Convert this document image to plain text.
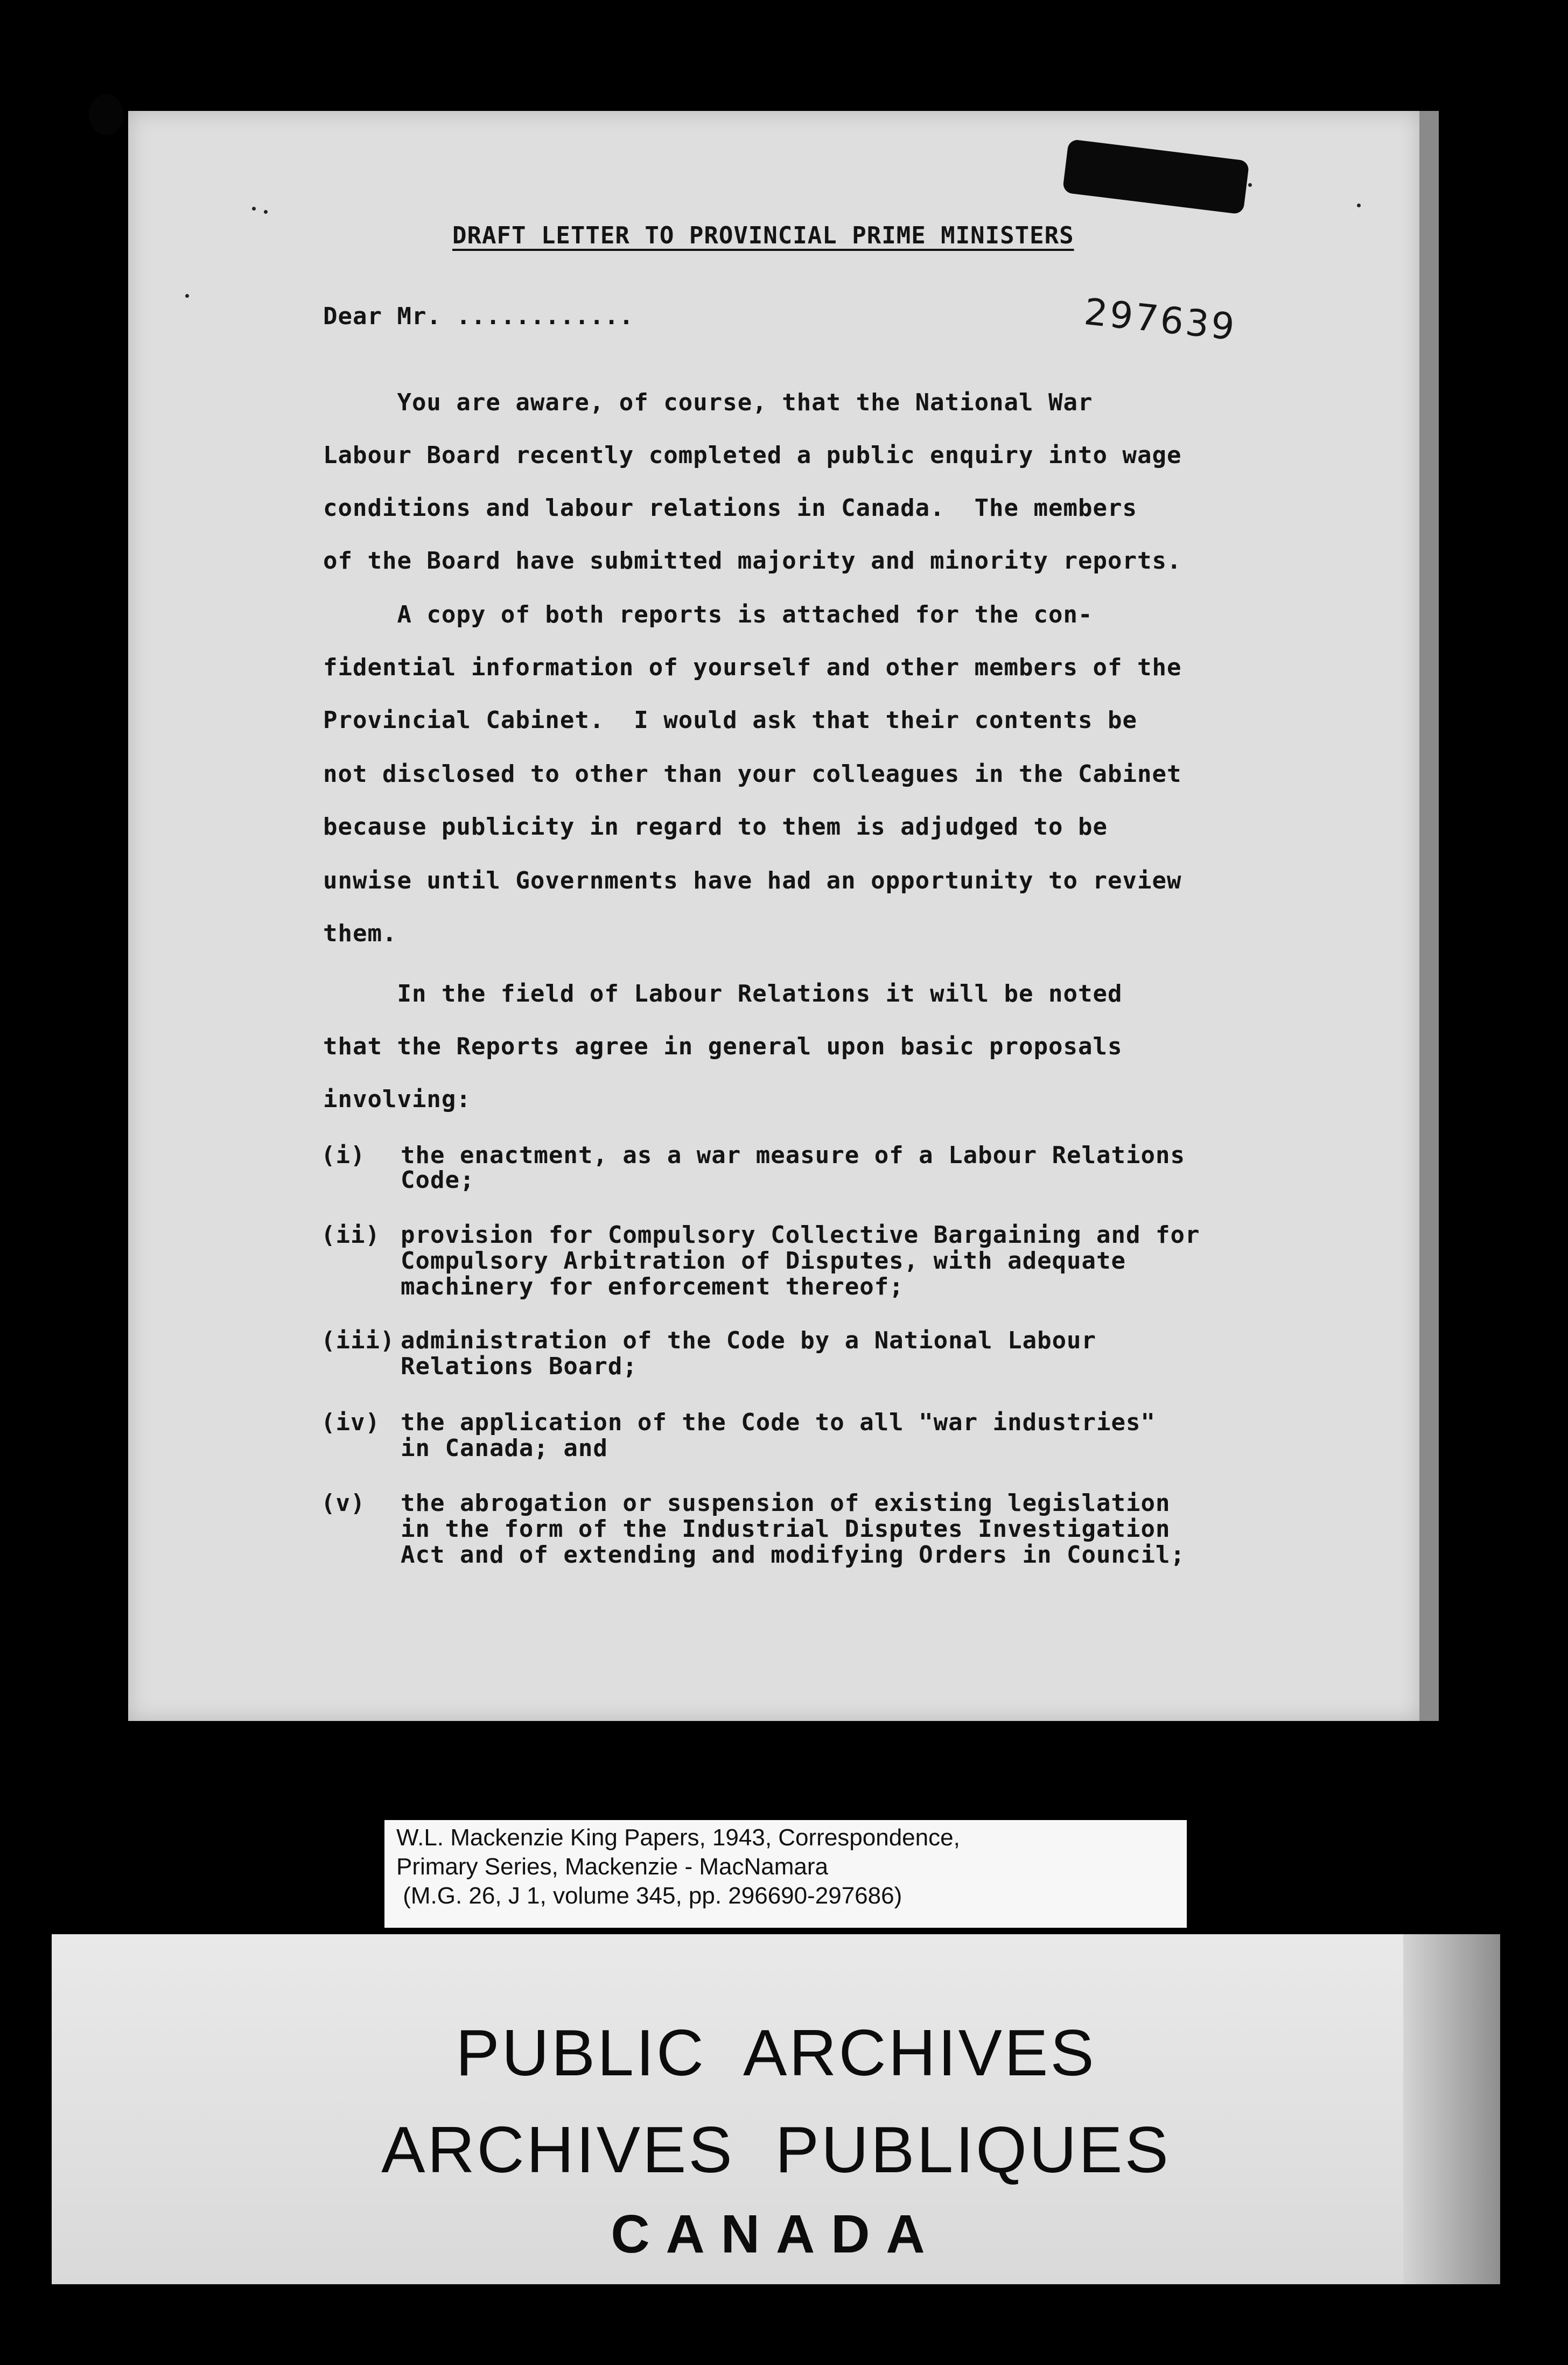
297639
DRAFT LETTER TO PROVINCIAL PRIME MINISTERS
Dear Mr. ............
You are aware, of course, that the National War
Labour Board recently completed a public enquiry into wage
conditions and labour relations in Canada.  The members
of the Board have submitted majority and minority reports.
A copy of both reports is attached for the con-
fidential information of yourself and other members of the
Provincial Cabinet.  I would ask that their contents be
not disclosed to other than your colleagues in the Cabinet
because publicity in regard to them is adjudged to be
unwise until Governments have had an opportunity to review
them.
In the field of Labour Relations it will be noted
that the Reports agree in general upon basic proposals
involving:
(i) the enactment, as a war measure of a Labour Relations
Code;
(ii) provision for Compulsory Collective Bargaining and for
Compulsory Arbitration of Disputes, with adequate
machinery for enforcement thereof;
(iii) administration of the Code by a National Labour
Relations Board;
(iv) the application of the Code to all "war industries"
in Canada; and
(v) the abrogation or suspension of existing legislation
in the form of the Industrial Disputes Investigation
Act and of extending and modifying Orders in Council;
W.L. Mackenzie King Papers, 1943, Correspondence,
Primary Series, Mackenzie - MacNamara
(M.G. 26, J 1, volume 345, pp. 296690-297686)
PUBLIC  ARCHIVES
ARCHIVES  PUBLIQUES
CANADA
